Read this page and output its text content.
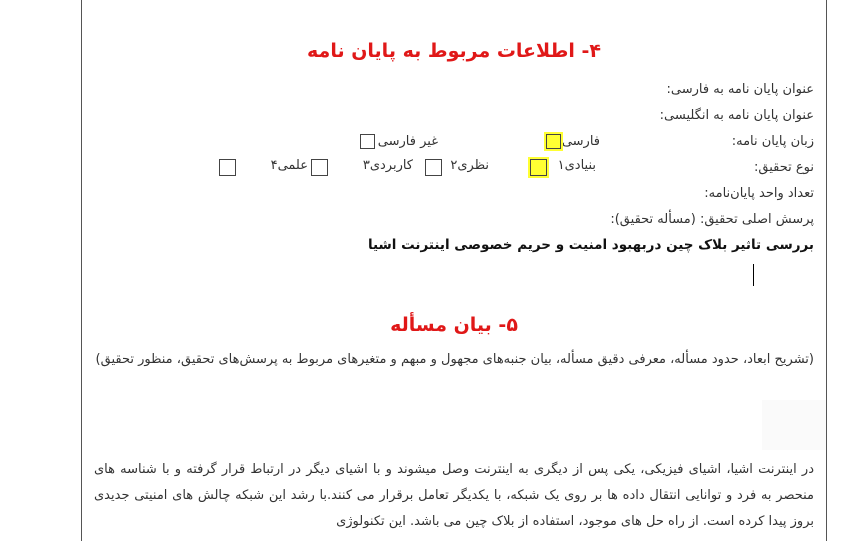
۴- اطلاعات مربوط به پایان نامه
عنوان پایان نامه به فارسی:
عنوان پایان نامه به انگلیسی:
زبان پایان نامه:
فارسی
غیر فارسی
نوع تحقیق:
بنیادی۱
نظری۲
کاربردی۳
علمی۴
تعداد واحد پایان‌نامه:
پرسش اصلی تحقیق: (مسأله تحقیق):
بررسی تاثیر بلاک چین دربهبود امنیت و حریم خصوصی اینترنت اشیا
۵- بیان مسأله
(تشریح ابعاد، حدود مسأله، معرفی دقیق مسأله، بیان جنبه‌های مجهول و مبهم و متغیرهای مربوط به پرسش‌های تحقیق، منظور تحقیق)
در اینترنت اشیا، اشیای فیزیکی، یکی پس از دیگری به اینترنت وصل میشوند و با اشیای دیگر در ارتباط قرار گرفته و با شناسه های منحصر به فرد و توانایی انتقال داده ها بر روی یک شبکه، با یکدیگر تعامل برقرار می کنند.با رشد این شبکه چالش های امنیتی جدیدی بروز پیدا کرده است. از راه حل های موجود، استفاده از بلاک چین می باشد. این تکنولوژی
